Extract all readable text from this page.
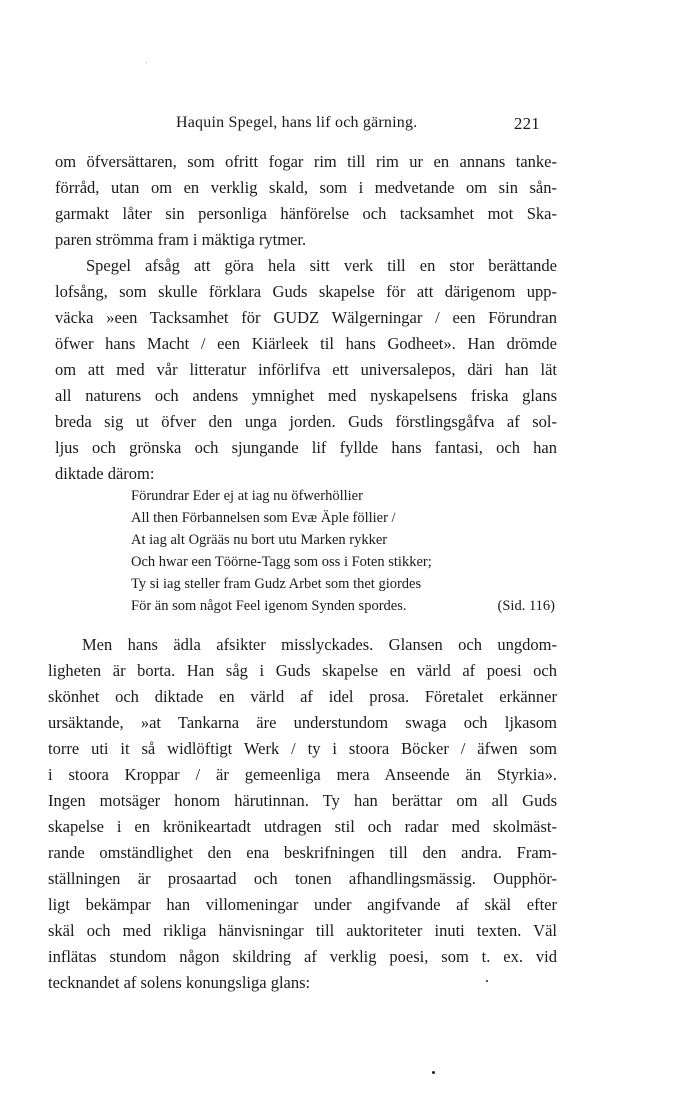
Haquin Spegel, hans lif och gärning.	221
om öfversättaren, som ofritt fogar rim till rim ur en annans tanke-
förråd, utan om en verklig skald, som i medvetande om sin sån-
garmakt låter sin personliga hänförelse och tacksamhet mot Ska-
paren strömma fram i mäktiga rytmer.
Spegel afsåg att göra hela sitt verk till en stor berättande
lofsång, som skulle förklara Guds skapelse för att därigenom upp-
väcka »een Tacksamhet för GUDZ Wälgerningar / een Förundran
öfwer hans Macht / een Kiärleek til hans Godheet». Han drömde
om att med vår litteratur införlifva ett universalepos, däri han lät
all naturens och andens ymnighet med nyskapelsens friska glans
breda sig ut öfver den unga jorden. Guds förstlingsgåfva af sol-
ljus och grönska och sjungande lif fyllde hans fantasi, och han
diktade därom:
Förundrar Eder ej at iag nu öfwerhöllier
All then Förbannelsen som Evæ Äple föllier /
At iag alt Ogrääs nu bort utu Marken rykker
Och hwar een Töörne-Tagg som oss i Foten stikker;
Ty si iag steller fram Gudz Arbet som thet giordes
För än som något Feel igenom Synden spordes.	(Sid. 116)
Men hans ädla afsikter misslyckades. Glansen och ungdom-
ligheten är borta. Han såg i Guds skapelse en värld af poesi och
skönhet och diktade en värld af idel prosa. Företalet erkänner
ursäktande, »at Tankarna äre understundom swaga och ljkasom
torre uti it så widlöftigt Werk / ty i stoora Böcker / äfwen som
i stoora Kroppar / är gemeenliga mera Anseende än Styrkia».
Ingen motsäger honom härutinnan. Ty han berättar om all Guds
skapelse i en krönikeartadt utdragen stil och radar med skolmäst-
rande omständlighet den ena beskrifningen till den andra. Fram-
ställningen är prosaartad och tonen afhandlingsmässig. Oupphör-
ligt bekämpar han villomeningar under angifvande af skäl efter
skäl och med rikliga hänvisningar till auktoriteter inuti texten. Väl
inflätas stundom någon skildring af verklig poesi, som t. ex. vid
tecknandet af solens konungsliga glans:
